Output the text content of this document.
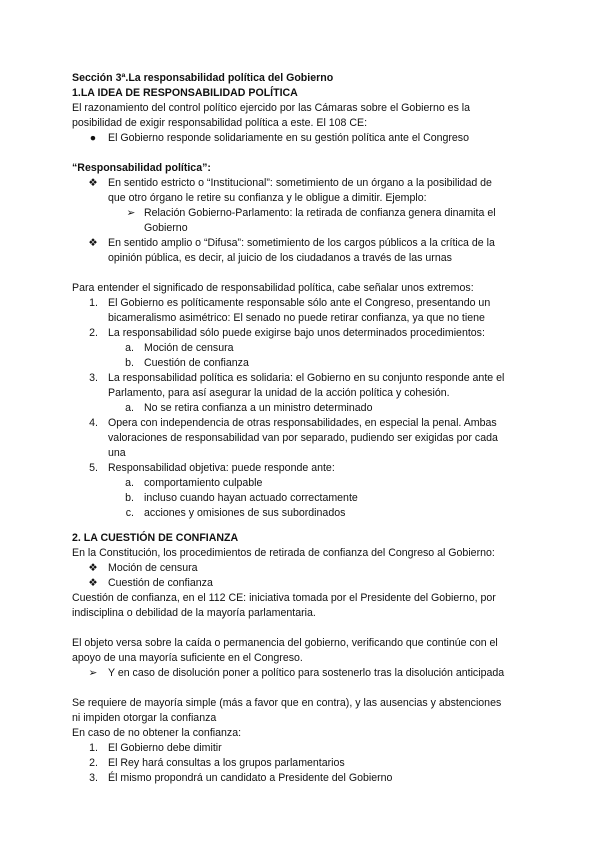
Sección 3ª.La responsabilidad política del Gobierno
1.LA IDEA DE RESPONSABILIDAD POLÍTICA
El razonamiento del control político ejercido por las Cámaras sobre el Gobierno es la
posibilidad de exigir responsabilidad política a este. El 108 CE:
●	El Gobierno responde solidariamente en su gestión política ante el Congreso
“Responsabilidad política”:
❖ En sentido estricto o “Institucional”: sometimiento de un órgano a la posibilidad de
que otro órgano le retire su confianza y le obligue a dimitir. Ejemplo:
➢ Relación Gobierno-Parlamento: la retirada de confianza genera dinamita el
Gobierno
❖ En sentido amplio o “Difusa”: sometimiento de los cargos públicos a la crítica de la
opinión pública, es decir, al juicio de los ciudadanos a través de las urnas
Para entender el significado de responsabilidad política, cabe señalar unos extremos:
1. El Gobierno es políticamente responsable sólo ante el Congreso, presentando un
bicameralismo asimétrico: El senado no puede retirar confianza, ya que no tiene
2. La responsabilidad sólo puede exigirse bajo unos determinados procedimientos:
a. Moción de censura
b. Cuestión de confianza
3. La responsabilidad política es solidaria: el Gobierno en su conjunto responde ante el
Parlamento, para así asegurar la unidad de la acción política y cohesión.
a. No se retira confianza a un ministro determinado
4. Opera con independencia de otras responsabilidades, en especial la penal. Ambas
valoraciones de responsabilidad van por separado, pudiendo ser exigidas por cada
una
5. Responsabilidad objetiva: puede responde ante:
a. comportamiento culpable
b. incluso cuando hayan actuado correctamente
c. acciones y omisiones de sus subordinados
2. LA CUESTIÓN DE CONFIANZA
En la Constitución, los procedimientos de retirada de confianza del Congreso al Gobierno:
❖ Moción de censura
❖ Cuestión de confianza
Cuestión de confianza, en el 112 CE: iniciativa tomada por el Presidente del Gobierno, por
indisciplina o debilidad de la mayoría parlamentaria.
El objeto versa sobre la caída o permanencia del gobierno, verificando que continúe con el
apoyo de una mayoría suficiente en el Congreso.
➢ Y en caso de disolución poner a político para sostenerlo tras la disolución anticipada
Se requiere de mayoría simple (más a favor que en contra), y las ausencias y abstenciones
ni impiden otorgar la confianza
En caso de no obtener la confianza:
1. El Gobierno debe dimitir
2. El Rey hará consultas a los grupos parlamentarios
3. Él mismo propondrá un candidato a Presidente del Gobierno
